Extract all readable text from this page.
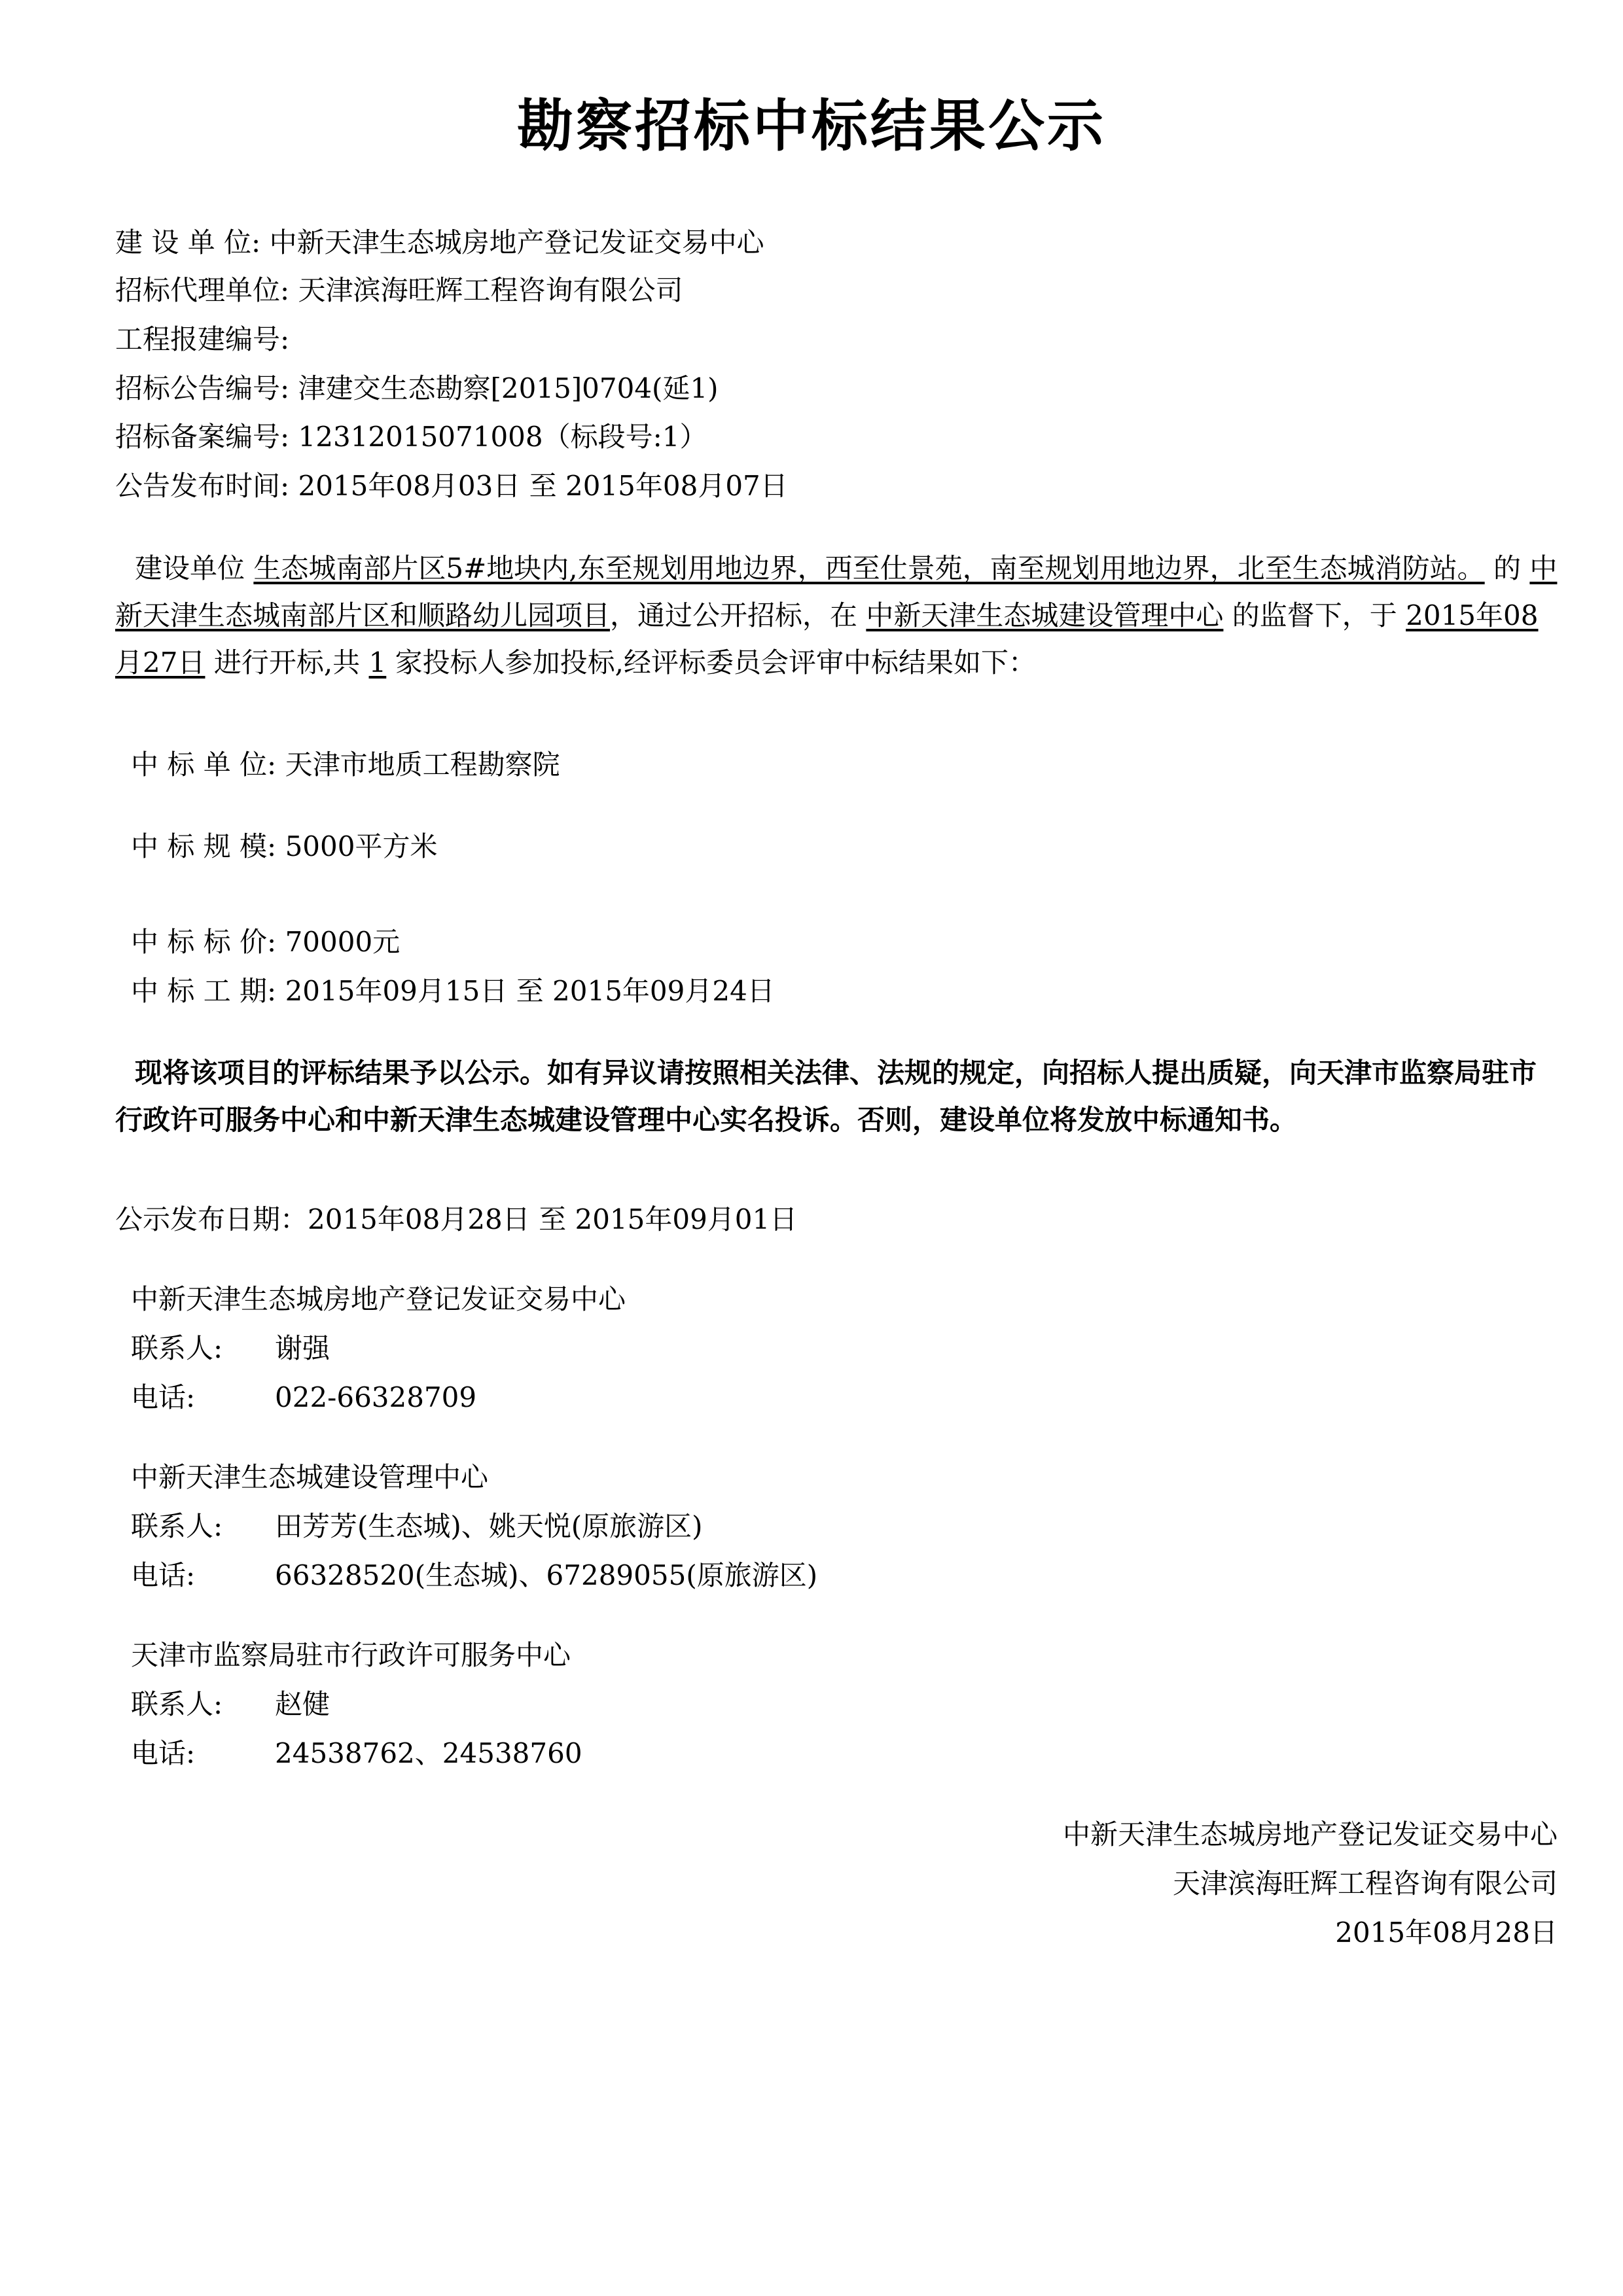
勘察招标中标结果公示
建 设 单 位: 中新天津生态城房地产登记发证交易中心
招标代理单位: 天津滨海旺辉工程咨询有限公司
工程报建编号:
招标公告编号: 津建交生态勘察[2015]0704(延1)
招标备案编号: 12312015071008（标段号:1）
公告发布时间: 2015年08月03日 至 2015年08月07日
建设单位 生态城南部片区5#地块内,东至规划用地边界，西至仕景苑，南至规划用地边界，北至生态城消防站。 的 中新天津生态城南部片区和顺路幼儿园项目，通过公开招标，在 中新天津生态城建设管理中心 的监督下，于 2015年08月27日 进行开标,共 1 家投标人参加投标,经评标委员会评审中标结果如下：
中 标 单 位: 天津市地质工程勘察院
中 标 规 模: 5000平方米
中 标 标 价: 70000元
中 标 工 期: 2015年09月15日 至 2015年09月24日
现将该项目的评标结果予以公示。如有异议请按照相关法律、法规的规定，向招标人提出质疑，向天津市监察局驻市行政许可服务中心和中新天津生态城建设管理中心实名投诉。否则，建设单位将发放中标通知书。
公示发布日期：2015年08月28日 至 2015年09月01日
中新天津生态城房地产登记发证交易中心
联系人: 谢强
电话:	022-66328709
中新天津生态城建设管理中心
联系人: 田芳芳(生态城)、姚天悦(原旅游区)
电话:	66328520(生态城)、67289055(原旅游区)
天津市监察局驻市行政许可服务中心
联系人: 赵健
电话:	24538762、24538760
中新天津生态城房地产登记发证交易中心
天津滨海旺辉工程咨询有限公司
2015年08月28日
